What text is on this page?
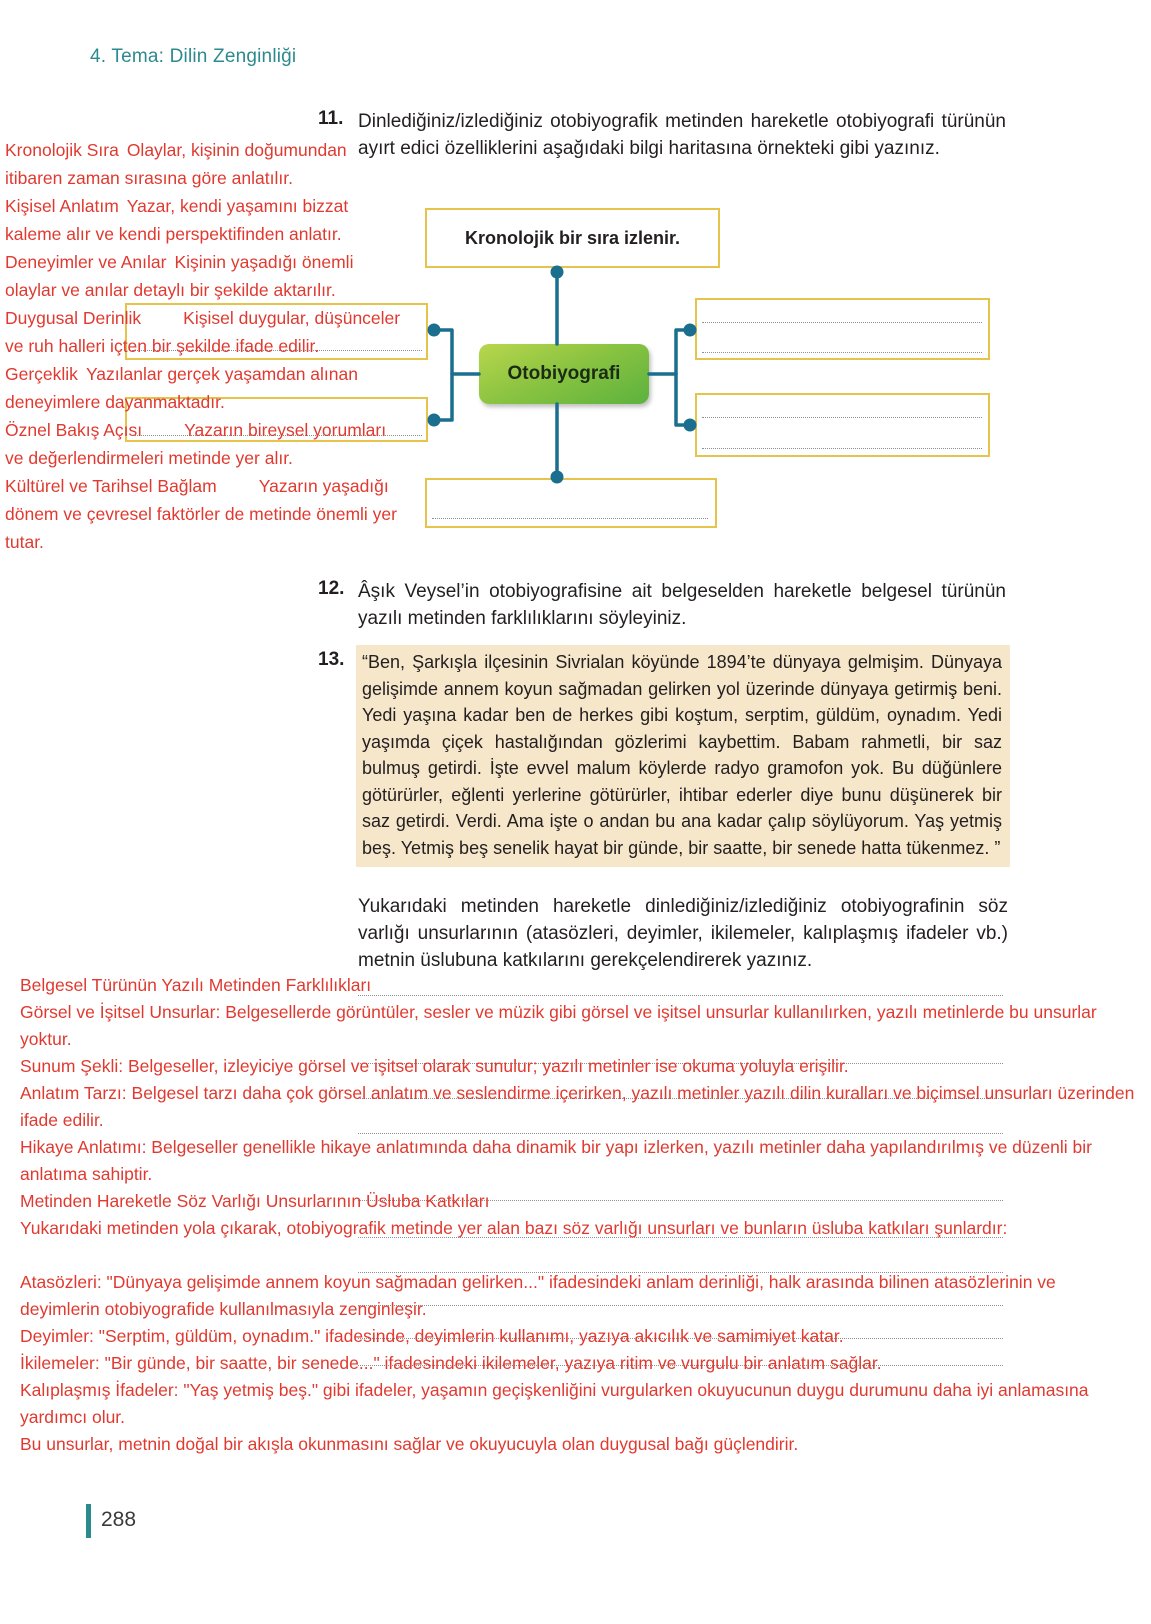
4. Tema: Dilin Zenginliği
11. Dinlediğiniz/izlediğiniz otobiyografik metinden hareketle otobiyografi türünün ayırt edici özelliklerini aşağıdaki bilgi haritasına örnekteki gibi yazınız.
Kronolojik bir sıra izlenir.
Otobiyografi

Kronolojik Sıra Olaylar, kişinin doğumundan itibaren zaman sırasına göre anlatılır.

Kişisel Anlatım Yazar, kendi yaşamını bizzat kaleme alır ve kendi perspektifinden anlatır.

Deneyimler ve Anılar Kişinin yaşadığı önemli olaylar ve anılar detaylı bir şekilde aktarılır.

Duygusal Derinlik Kişisel duygular, düşünceler ve ruh halleri içten bir şekilde ifade edilir.

Gerçeklik Yazılanlar gerçek yaşamdan alınan deneyimlere dayanmaktadır.

Öznel Bakış Açısı Yazarın bireysel yorumları ve değerlendirmeleri metinde yer alır.

Kültürel ve Tarihsel Bağlam Yazarın yaşadığı dönem ve çevresel faktörler de metinde önemli yer tutar.

12. Âşık Veysel’in otobiyografisine ait belgeselden hareketle belgesel türünün yazılı metinden farklılıklarını söyleyiniz.
13. “Ben, Şarkışla ilçesinin Sivrialan köyünde 1894’te dünyaya gelmişim. Dünyaya gelişimde annem koyun sağmadan gelirken yol üzerinde dünyaya getirmiş beni. Yedi yaşına kadar ben de herkes gibi koştum, serptim, güldüm, oynadım. Yedi yaşımda çiçek hastalığından gözlerimi kaybettim. Babam rahmetli, bir saz bulmuş getirdi. İşte evvel malum köylerde radyo gramofon yok. Bu düğünlere götürürler, eğlenti yerlerine götürürler, ihtibar ederler diye bunu düşünerek bir saz getirdi. Verdi. Ama işte o andan bu ana kadar çalıp söylüyorum. Yaş yetmiş beş. Yetmiş beş senelik hayat bir günde, bir saatte, bir senede hatta tükenmez. ”
Yukarıdaki metinden hareketle dinlediğiniz/izlediğiniz otobiyografinin söz varlığı unsurlarının (atasözleri, deyimler, ikilemeler, kalıplaşmış ifadeler vb.) metnin üslubuna katkılarını gerekçelendirerek yazınız.

Belgesel Türünün Yazılı Metinden Farklılıkları

Görsel ve İşitsel Unsurlar: Belgesellerde görüntüler, sesler ve müzik gibi görsel ve işitsel unsurlar kullanılırken, yazılı metinlerde bu unsurlar yoktur.

Sunum Şekli: Belgeseller, izleyiciye görsel ve işitsel olarak sunulur; yazılı metinler ise okuma yoluyla erişilir.

Anlatım Tarzı: Belgesel tarzı daha çok görsel anlatım ve seslendirme içerirken, yazılı metinler yazılı dilin kuralları ve biçimsel unsurları üzerinden ifade edilir.

Hikaye Anlatımı: Belgeseller genellikle hikaye anlatımında daha dinamik bir yapı izlerken, yazılı metinler daha yapılandırılmış ve düzenli bir anlatıma sahiptir.

Metinden Hareketle Söz Varlığı Unsurlarının Üsluba Katkıları

Yukarıdaki metinden yola çıkarak, otobiyografik metinde yer alan bazı söz varlığı unsurları ve bunların üsluba katkıları şunlardır:

Atasözleri: "Dünyaya gelişimde annem koyun sağmadan gelirken..." ifadesindeki anlam derinliği, halk arasında bilinen atasözlerinin ve deyimlerin otobiyografide kullanılmasıyla zenginleşir.

Deyimler: "Serptim, güldüm, oynadım." ifadesinde, deyimlerin kullanımı, yazıya akıcılık ve samimiyet katar.

İkilemeler: "Bir günde, bir saatte, bir senede..." ifadesindeki ikilemeler, yazıya ritim ve vurgulu bir anlatım sağlar.

Kalıplaşmış İfadeler: "Yaş yetmiş beş." gibi ifadeler, yaşamın geçişkenliğini vurgularken okuyucunun duygu durumunu daha iyi anlamasına yardımcı olur.

Bu unsurlar, metnin doğal bir akışla okunmasını sağlar ve okuyucuyla olan duygusal bağı güçlendirir.

288
